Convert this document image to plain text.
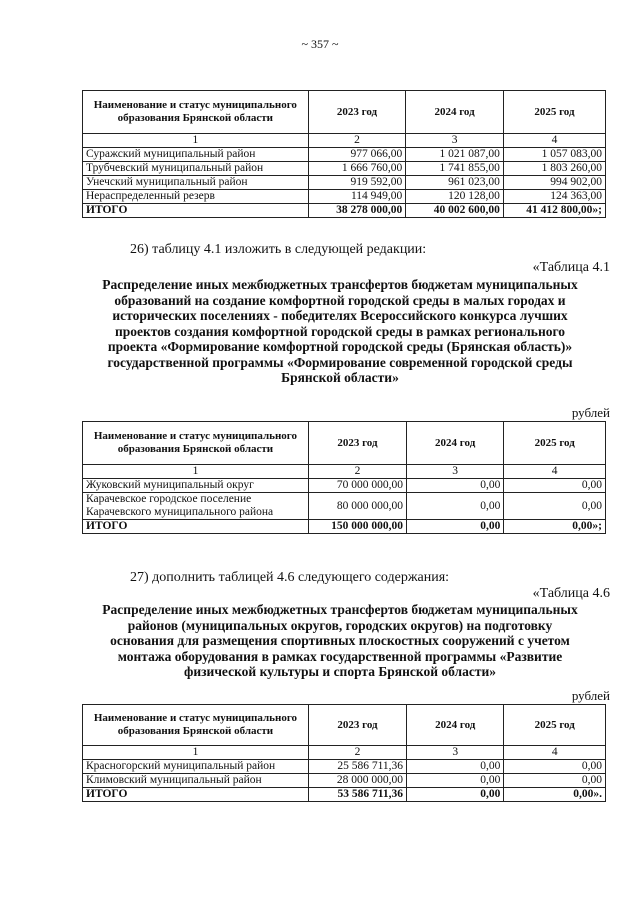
~ 357 ~
Наименование и статус муниципального образования Брянской области	2023 год	2024 год	2025 год
1	2	3	4
Суражский муниципальный район	977 066,00	1 021 087,00	1 057 083,00
Трубчевский муниципальный район	1 666 760,00	1 741 855,00	1 803 260,00
Унечский муниципальный район	919 592,00	961 023,00	994 902,00
Нераспределенный резерв	114 949,00	120 128,00	124 363,00
ИТОГО	38 278 000,00	40 002 600,00	41 412 800,00»;
26) таблицу 4.1 изложить в следующей редакции:
«Таблица 4.1
Распределение иных межбюджетных трансфертов бюджетам муниципальных образований на создание комфортной городской среды в малых городах и исторических поселениях - победителях Всероссийского конкурса лучших проектов создания комфортной городской среды в рамках регионального проекта «Формирование комфортной городской среды (Брянская область)» государственной программы «Формирование современной городской среды Брянской области»
рублей
Наименование и статус муниципального образования Брянской области	2023 год	2024 год	2025 год
1	2	3	4
Жуковский муниципальный округ	70 000 000,00	0,00	0,00
Карачевское городское поселение Карачевского муниципального района	80 000 000,00	0,00	0,00
ИТОГО	150 000 000,00	0,00	0,00»;
27) дополнить таблицей 4.6 следующего содержания:
«Таблица 4.6
Распределение иных межбюджетных трансфертов бюджетам муниципальных районов (муниципальных округов, городских округов) на подготовку основания для размещения спортивных плоскостных сооружений с учетом монтажа оборудования в рамках государственной программы «Развитие физической культуры и спорта Брянской области»
рублей
Наименование и статус муниципального образования Брянской области	2023 год	2024 год	2025 год
1	2	3	4
Красногорский муниципальный район	25 586 711,36	0,00	0,00
Климовский муниципальный район	28 000 000,00	0,00	0,00
ИТОГО	53 586 711,36	0,00	0,00».
